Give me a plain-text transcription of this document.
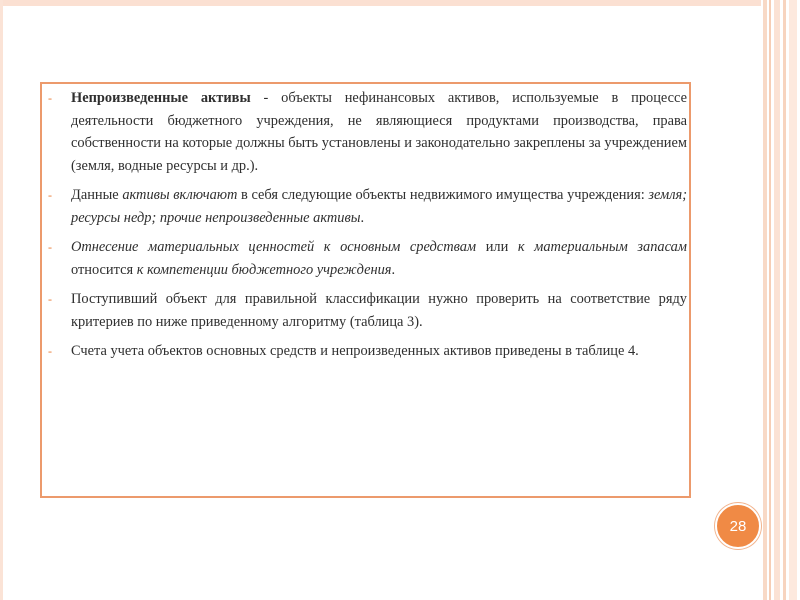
-	Непроизведенные активы - объекты нефинансовых активов, используемые в процессе деятельности бюджетного учреждения, не являющиеся продуктами производства, права собственности на которые должны быть установлены и законодательно закреплены за учреждением (земля, водные ресурсы и др.).
-	Данные активы включают в себя следующие объекты недвижимого имущества учреждения: земля; ресурсы недр; прочие непроизведенные активы.
-	Отнесение материальных ценностей к основным средствам или к материальным запасам относится к компетенции бюджетного учреждения.
-	Поступивший объект для правильной классификации нужно проверить на соответствие ряду критериев по ниже приведенному алгоритму (таблица 3).
-	Счета учета объектов основных средств и непроизведенных активов приведены в таблице 4.
28
